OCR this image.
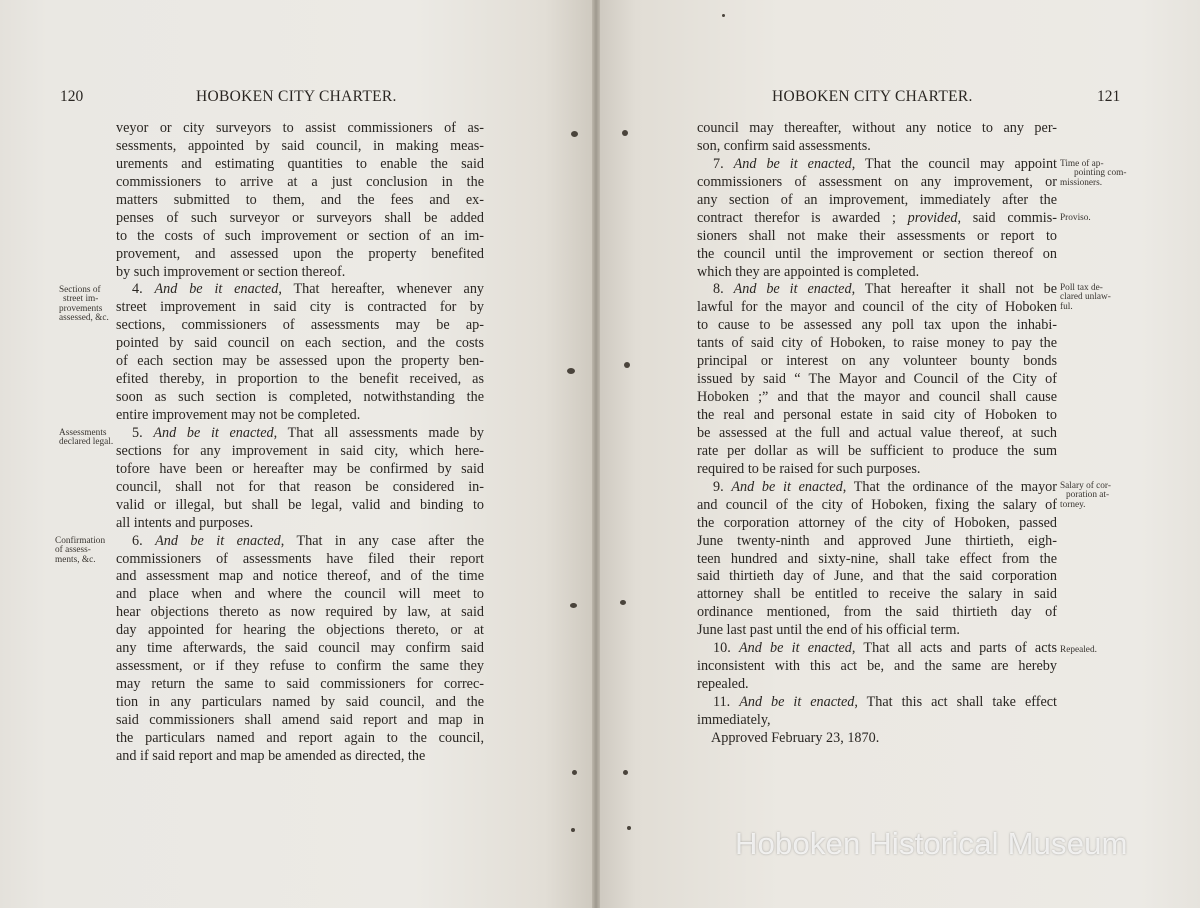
120	HOBOKEN CITY CHARTER.
veyor or city surveyors to assist commissioners of as-
sessments, appointed by said council, in making meas-
urements and estimating quantities to enable the said
commissioners to arrive at a just conclusion in the
matters submitted to them, and the fees and ex-
penses of such surveyor or surveyors shall be added
to the costs of such improvement or section of an im-
provement, and assessed upon the property benefited
by such improvement or section thereof.
4. And be it enacted, That hereafter, whenever any
street improvement in said city is contracted for by
sections, commissioners of assessments may be ap-
pointed by said council on each section, and the costs
of each section may be assessed upon the property ben-
efited thereby, in proportion to the benefit received, as
soon as such section is completed, notwithstanding the
entire improvement may not be completed.
5. And be it enacted, That all assessments made by
sections for any improvement in said city, which here-
tofore have been or hereafter may be confirmed by said
council, shall not for that reason be considered in-
valid or illegal, but shall be legal, valid and binding to
all intents and purposes.
6. And be it enacted, That in any case after the
commissioners of assessments have filed their report
and assessment map and notice thereof, and of the time
and place when and where the council will meet to
hear objections thereto as now required by law, at said
day appointed for hearing the objections thereto, or at
any time afterwards, the said council may confirm said
assessment, or if they refuse to confirm the same they
may return the same to said commissioners for correc-
tion in any particulars named by said council, and the
said commissioners shall amend said report and map in
the particulars named and report again to the council,
and if said report and map be amended as directed, the
Sections of
street im-
provements
assessed, &c.
Assessments
declared legal.
Confirmation
of assess-
ments, &c.
HOBOKEN CITY CHARTER.	121
council may thereafter, without any notice to any per-
son, confirm said assessments.
7. And be it enacted, That the council may appoint
commissioners of assessment on any improvement, or
any section of an improvement, immediately after the
contract therefor is awarded ; provided, said commis-
sioners shall not make their assessments or report to
the council until the improvement or section thereof on
which they are appointed is completed.
8. And be it enacted, That hereafter it shall not be
lawful for the mayor and council of the city of Hoboken
to cause to be assessed any poll tax upon the inhabi-
tants of said city of Hoboken, to raise money to pay the
principal or interest on any volunteer bounty bonds
issued by said “ The Mayor and Council of the City of
Hoboken ;” and that the mayor and council shall cause
the real and personal estate in said city of Hoboken to
be assessed at the full and actual value thereof, at such
rate per dollar as will be sufficient to produce the sum
required to be raised for such purposes.
9. And be it enacted, That the ordinance of the mayor
and council of the city of Hoboken, fixing the salary of
the corporation attorney of the city of Hoboken, passed
June twenty-ninth and approved June thirtieth, eigh-
teen hundred and sixty-nine, shall take effect from the
said thirtieth day of June, and that the said corporation
attorney shall be entitled to receive the salary in said
ordinance mentioned, from the said thirtieth day of
June last past until the end of his official term.
10. And be it enacted, That all acts and parts of acts
inconsistent with this act be, and the same are hereby
repealed.
11. And be it enacted, That this act shall take effect
immediately,
Approved February 23, 1870.
Time of ap-
pointing com-
missioners.
Proviso.
Poll tax de-
clared unlaw-
ful.
Salary of cor-
poration at-
torney.
Repealed.
Hoboken Historical Museum
